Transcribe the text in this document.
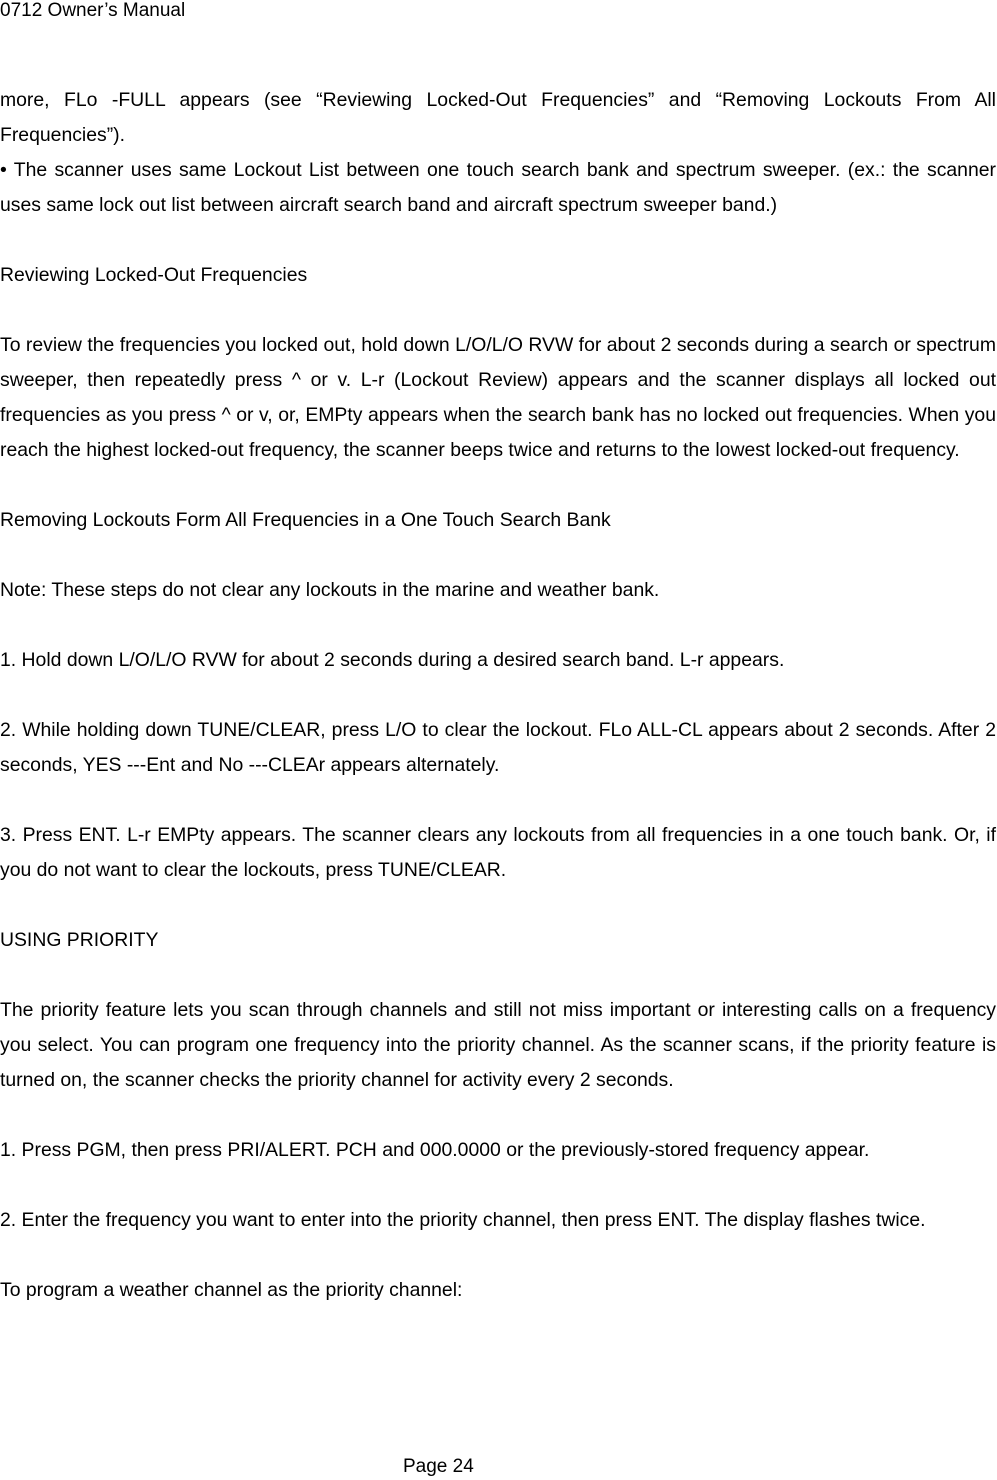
0712 Owner’s Manual

more, FLo -FULL appears (see “Reviewing Locked-Out Frequencies” and “Removing Lockouts From All Frequencies”).

• The scanner uses same Lockout List between one touch search bank and spectrum sweeper. (ex.: the scanner uses same lock out list between aircraft search band and aircraft spectrum sweeper band.)

Reviewing Locked-Out Frequencies

To review the frequencies you locked out, hold down L/O/L/O RVW for about 2 seconds during a search or spectrum sweeper, then repeatedly press ^ or v. L-r (Lockout Review) appears and the scanner displays all locked out frequencies as you press ^ or v, or, EMPty appears when the search bank has no locked out frequencies. When you reach the highest locked-out frequency, the scanner beeps twice and returns to the lowest locked-out frequency.

Removing Lockouts Form All Frequencies in a One Touch Search Bank

Note: These steps do not clear any lockouts in the marine and weather bank.

1. Hold down L/O/L/O RVW for about 2 seconds during a desired search band. L-r appears.

2. While holding down TUNE/CLEAR, press L/O to clear the lockout. FLo ALL-CL appears about 2 seconds. After 2 seconds, YES ---Ent and No ---CLEAr appears alternately.

3. Press ENT. L-r EMPty appears. The scanner clears any lockouts from all frequencies in a one touch bank. Or, if you do not want to clear the lockouts, press TUNE/CLEAR.

USING PRIORITY

The priority feature lets you scan through channels and still not miss important or interesting calls on a frequency you select. You can program one frequency into the priority channel. As the scanner scans, if the priority feature is turned on, the scanner checks the priority channel for activity every 2 seconds.

1. Press PGM, then press PRI/ALERT. PCH and 000.0000 or the previously-stored frequency appear.

2. Enter the frequency you want to enter into the priority channel, then press ENT. The display flashes twice.

To program a weather channel as the priority channel:

Page 24
